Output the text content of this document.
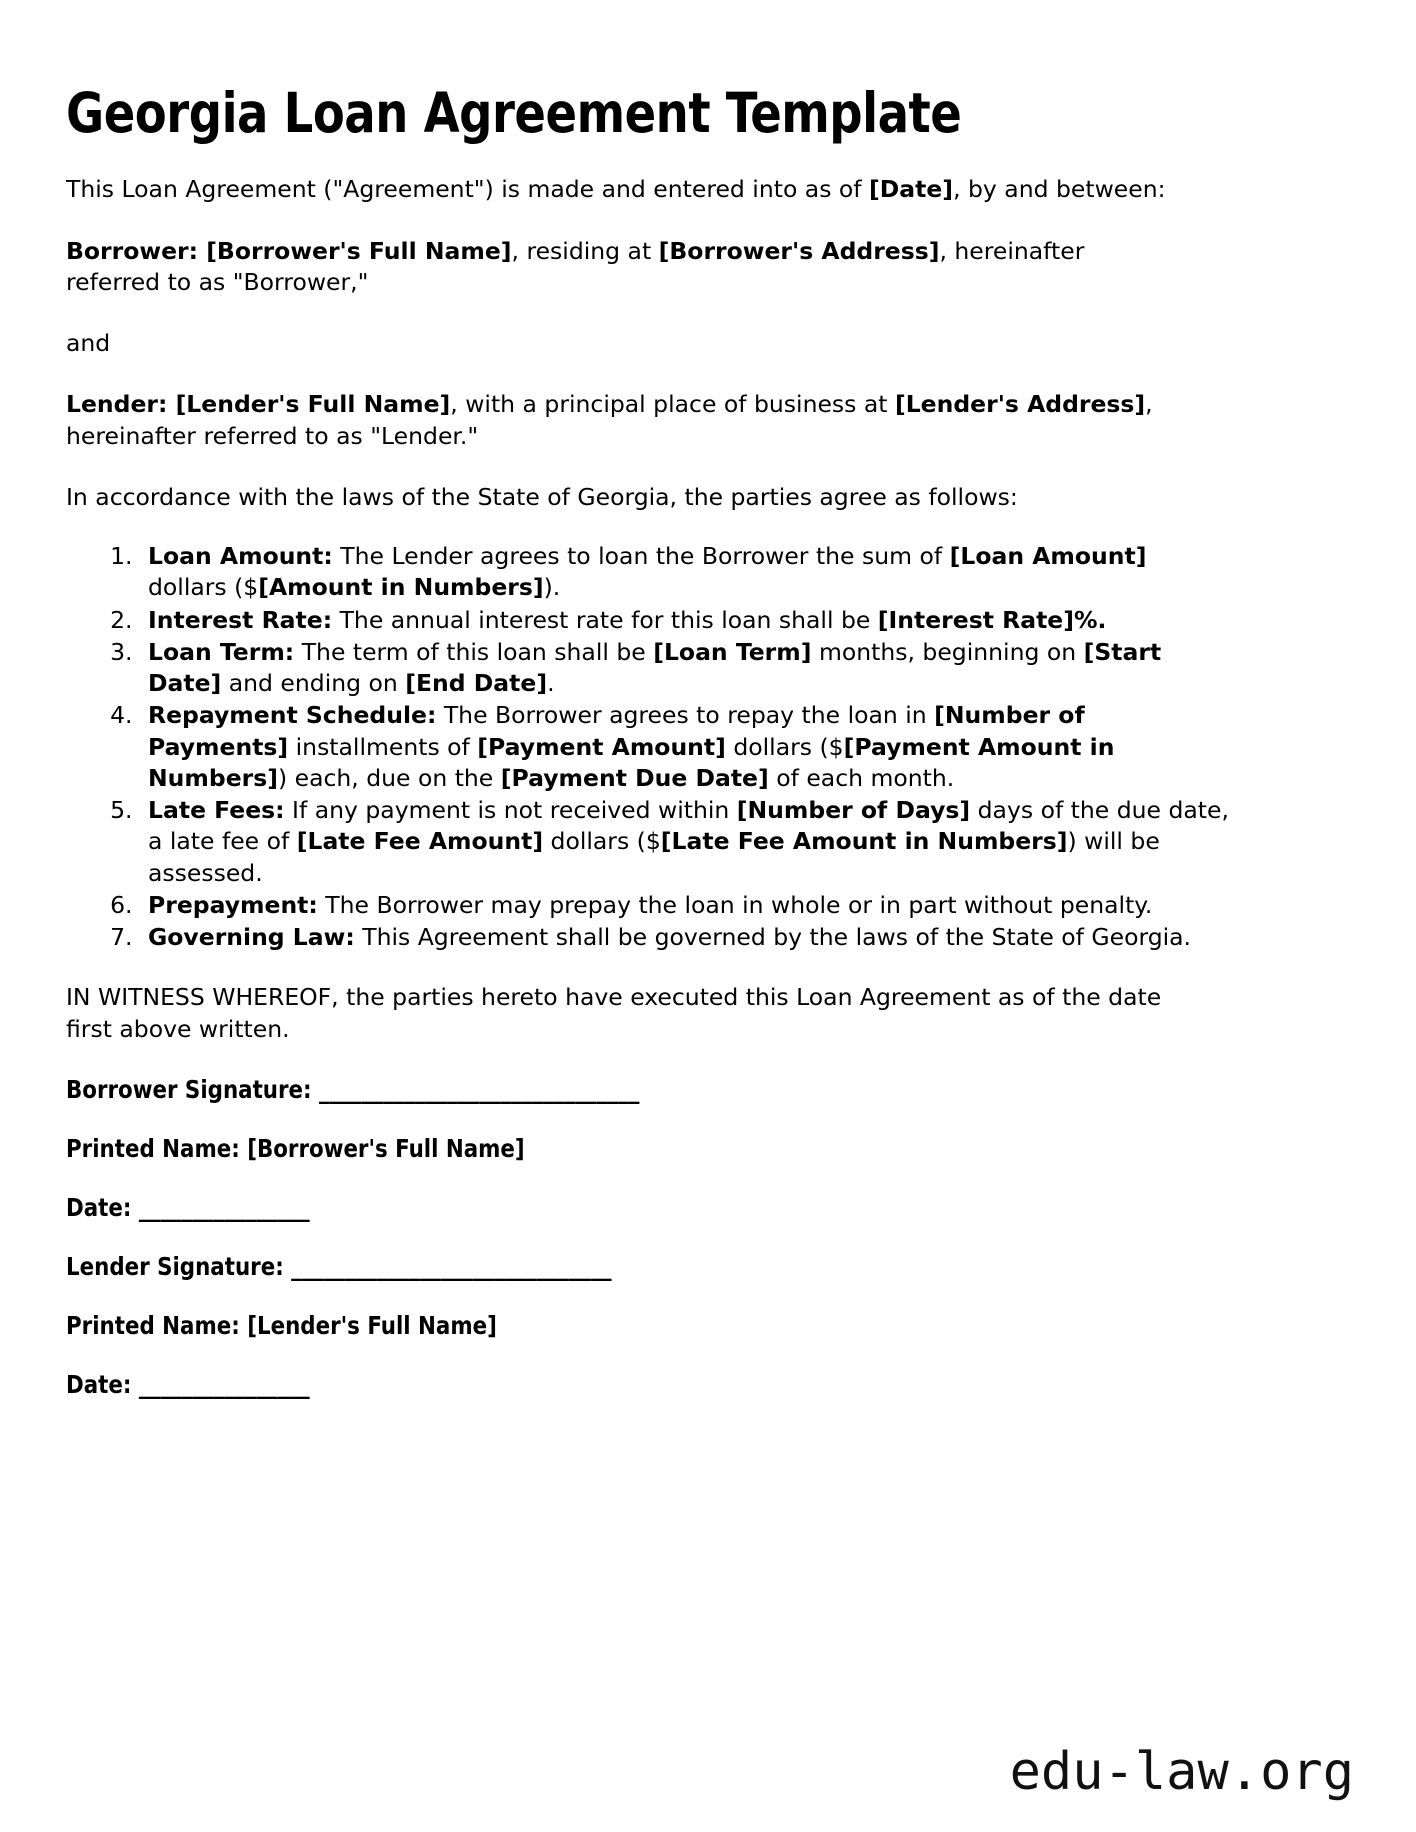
Georgia Loan Agreement Template

This Loan Agreement ("Agreement") is made and entered into as of [Date], by and between:

Borrower: [Borrower's Full Name], residing at [Borrower's Address], hereinafter referred to as "Borrower,"

and

Lender: [Lender's Full Name], with a principal place of business at [Lender's Address], hereinafter referred to as "Lender."

In accordance with the laws of the State of Georgia, the parties agree as follows:

1. Loan Amount: The Lender agrees to loan the Borrower the sum of [Loan Amount] dollars ($[Amount in Numbers]).
2. Interest Rate: The annual interest rate for this loan shall be [Interest Rate]%.
3. Loan Term: The term of this loan shall be [Loan Term] months, beginning on [Start Date] and ending on [End Date].
4. Repayment Schedule: The Borrower agrees to repay the loan in [Number of Payments] installments of [Payment Amount] dollars ($[Payment Amount in Numbers]) each, due on the [Payment Due Date] of each month.
5. Late Fees: If any payment is not received within [Number of Days] days of the due date, a late fee of [Late Fee Amount] dollars ($[Late Fee Amount in Numbers]) will be assessed.
6. Prepayment: The Borrower may prepay the loan in whole or in part without penalty.
7. Governing Law: This Agreement shall be governed by the laws of the State of Georgia.

IN WITNESS WHEREOF, the parties hereto have executed this Loan Agreement as of the date first above written.

Borrower Signature: ______________________________
Printed Name: [Borrower's Full Name]
Date: ________________
Lender Signature: ______________________________
Printed Name: [Lender's Full Name]
Date: ________________
edu-law.org
